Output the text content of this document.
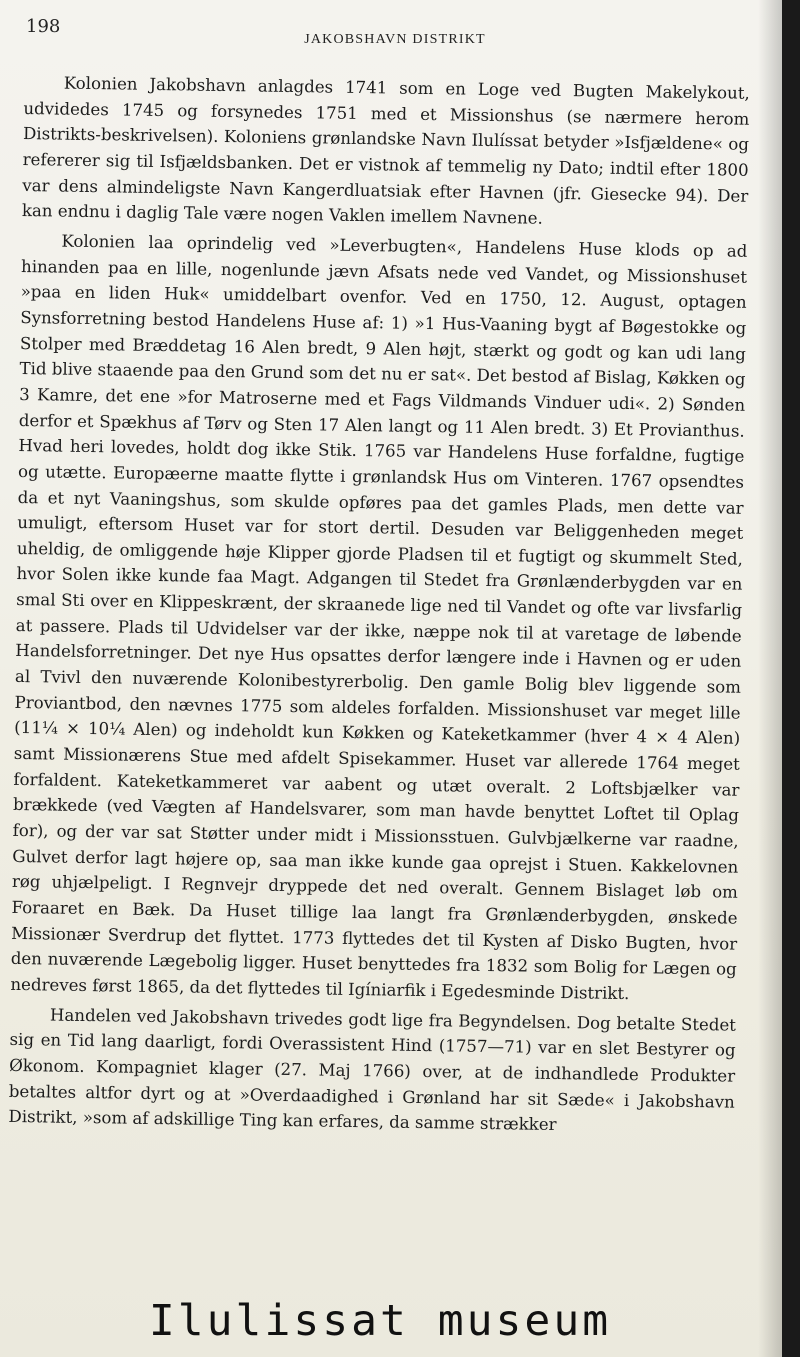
198
JAKOBSHAVN DISTRIKT

Kolonien Jakobshavn anlagdes 1741 som en Loge ved Bugten Makelykout, udvidedes 1745 og forsynedes 1751 med et Missionshus (se nærmere herom Distrikts-beskrivelsen). Koloniens grønlandske Navn Ilulíssat betyder »Isfjældene« og refererer sig til Isfjældsbanken. Det er vistnok af temmelig ny Dato; indtil efter 1800 var dens almindeligste Navn Kangerdluatsiak efter Havnen (jfr. Giesecke 94). Der kan endnu i daglig Tale være nogen Vaklen imellem Navnene.

Kolonien laa oprindelig ved »Leverbugten«, Handelens Huse klods op ad hinanden paa en lille, nogenlunde jævn Afsats nede ved Vandet, og Missionshuset »paa en liden Huk« umiddelbart ovenfor. Ved en 1750, 12. August, optagen Synsforretning bestod Handelens Huse af: 1) »1 Hus-Vaaning bygt af Bøgestokke og Stolper med Bræddetag 16 Alen bredt, 9 Alen højt, stærkt og godt og kan udi lang Tid blive staaende paa den Grund som det nu er sat«. Det bestod af Bislag, Køkken og 3 Kamre, det ene »for Matroserne med et Fags Vildmands Vinduer udi«. 2) Sønden derfor et Spækhus af Tørv og Sten 17 Alen langt og 11 Alen bredt. 3) Et Provianthus. Hvad heri lovedes, holdt dog ikke Stik. 1765 var Handelens Huse forfaldne, fugtige og utætte. Europæerne maatte flytte i grønlandsk Hus om Vinteren. 1767 opsendtes da et nyt Vaaningshus, som skulde opføres paa det gamles Plads, men dette var umuligt, eftersom Huset var for stort dertil. Desuden var Beliggenheden meget uheldig, de omliggende høje Klipper gjorde Pladsen til et fugtigt og skummelt Sted, hvor Solen ikke kunde faa Magt. Adgangen til Stedet fra Grønlænderbygden var en smal Sti over en Klippeskrænt, der skraanede lige ned til Vandet og ofte var livsfarlig at passere. Plads til Udvidelser var der ikke, næppe nok til at varetage de løbende Handelsforretninger. Det nye Hus opsattes derfor længere inde i Havnen og er uden al Tvivl den nuværende Kolonibestyrerbolig. Den gamle Bolig blev liggende som Proviantbod, den nævnes 1775 som aldeles forfalden. Missionshuset var meget lille (11¼ × 10¼ Alen) og indeholdt kun Køkken og Kateketkammer (hver 4 × 4 Alen) samt Missionærens Stue med afdelt Spisekammer. Huset var allerede 1764 meget forfaldent. Kateketkammeret var aabent og utæt overalt. 2 Loftsbjælker var brækkede (ved Vægten af Handelsvarer, som man havde benyttet Loftet til Oplag for), og der var sat Støtter under midt i Missionsstuen. Gulvbjælkerne var raadne, Gulvet derfor lagt højere op, saa man ikke kunde gaa oprejst i Stuen. Kakkelovnen røg uhjælpeligt. I Regnvejr dryppede det ned overalt. Gennem Bislaget løb om Foraaret en Bæk. Da Huset tillige laa langt fra Grønlænderbygden, ønskede Missionær Sverdrup det flyttet. 1773 flyttedes det til Kysten af Disko Bugten, hvor den nuværende Lægebolig ligger. Huset benyttedes fra 1832 som Bolig for Lægen og nedreves først 1865, da det flyttedes til Igíniarfik i Egedesminde Distrikt.

Handelen ved Jakobshavn trivedes godt lige fra Begyndelsen. Dog betalte Stedet sig en Tid lang daarligt, fordi Overassistent Hind (1757—71) var en slet Bestyrer og Økonom. Kompagniet klager (27. Maj 1766) over, at de indhandlede Produkter betaltes altfor dyrt og at »Overdaadighed i Grønland har sit Sæde« i Jakobshavn Distrikt, »som af adskillige Ting kan erfares, da samme strækker

Ilulissat museum
